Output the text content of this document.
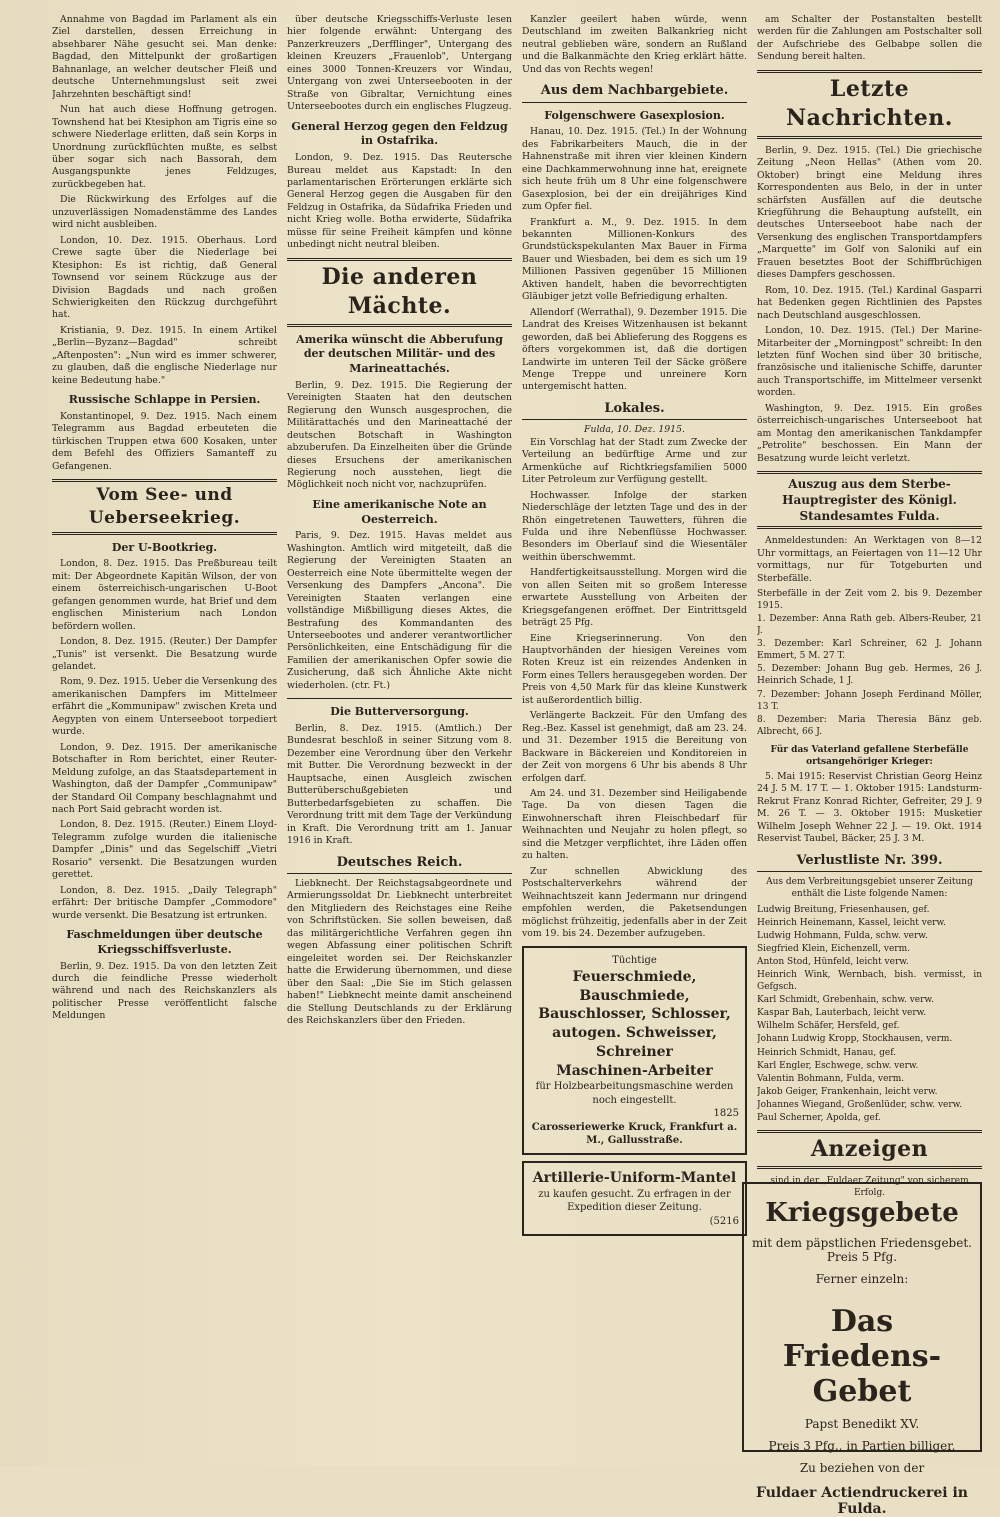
Annahme von Bagdad im Parlament als ein Ziel darstellen, dessen Erreichung in absehbarer Nähe gesucht sei. Man denke: Bagdad, den Mittelpunkt der großartigen Bahnanlage, an welcher deutscher Fleiß und deutsche Unternehmungslust seit zwei Jahrzehnten beschäftigt sind!

Nun hat auch diese Hoffnung getrogen. Townshend hat bei Ktesiphon am Tigris eine so schwere Niederlage erlitten, daß sein Korps in Unordnung zurückflüchten mußte, es selbst über sogar sich nach Bassorah, dem Ausgangspunkte jenes Feldzuges, zurückbegeben hat.

Die Rückwirkung des Erfolges auf die unzuverlässigen Nomadenstämme des Landes wird nicht ausbleiben.

London, 10. Dez. 1915. Oberhaus. Lord Crewe sagte über die Niederlage bei Ktesiphon: Es ist richtig, daß General Townsend vor seinem Rückzuge aus der Division Bagdads und nach großen Schwierigkeiten den Rückzug durchgeführt hat.

Kristiania, 9. Dez. 1915. In einem Artikel „Berlin—Byzanz—Bagdad" schreibt „Aftenposten": „Nun wird es immer schwerer, zu glauben, daß die englische Niederlage nur keine Bedeutung habe."

Russische Schlappe in Persien.

Konstantinopel, 9. Dez. 1915. Nach einem Telegramm aus Bagdad erbeuteten die türkischen Truppen etwa 600 Kosaken, unter dem Befehl des Offiziers Samanteff zu Gefangenen.

Vom See- und Ueberseekrieg.
Der U-Bootkrieg.

London, 8. Dez. 1915. Das Preßbureau teilt mit: Der Abgeordnete Kapitän Wilson, der von einem österreichisch-ungarischen U-Boot gefangen genommen wurde, hat Brief und dem englischen Ministerium nach London befördern wollen.

London, 8. Dez. 1915. (Reuter.) Der Dampfer „Tunis" ist versenkt. Die Besatzung wurde gelandet.

Rom, 9. Dez. 1915. Ueber die Versenkung des amerikanischen Dampfers im Mittelmeer erfährt die „Kommunipaw" zwischen Kreta und Aegypten von einem Unterseeboot torpediert wurde.

London, 9. Dez. 1915. Der amerikanische Botschafter in Rom berichtet, einer Reuter-Meldung zufolge, an das Staatsdepartement in Washington, daß der Dampfer „Communipaw" der Standard Oil Company beschlagnahmt und nach Port Said gebracht worden ist.

London, 8. Dez. 1915. (Reuter.) Einem Lloyd-Telegramm zufolge wurden die italienische Dampfer „Dinis" und das Segelschiff „Vietri Rosario" versenkt. Die Besatzungen wurden gerettet.

London, 8. Dez. 1915. „Daily Telegraph" erfährt: Der britische Dampfer „Commodore" wurde versenkt. Die Besatzung ist ertrunken.

Faschmeldungen über deutsche Kriegsschiffsverluste.

Berlin, 9. Dez. 1915. Da von den letzten Zeit durch die feindliche Presse wiederholt während und nach des Reichskanzlers als politischer Presse veröffentlicht falsche Meldungen

über deutsche Kriegsschiffs-Verluste lesen hier folgende erwähnt: Untergang des Panzerkreuzers „Derfflinger", Untergang des kleinen Kreuzers „Frauenlob", Untergang eines 3000 Tonnen-Kreuzers vor Windau, Untergang von zwei Unterseebooten in der Straße von Gibraltar, Vernichtung eines Unterseebootes durch ein englisches Flugzeug.

General Herzog gegen den Feldzug in Ostafrika.

London, 9. Dez. 1915. Das Reutersche Bureau meldet aus Kapstadt: In den parlamentarischen Erörterungen erklärte sich General Herzog gegen die Ausgaben für den Feldzug in Ostafrika, da Südafrika Frieden und nicht Krieg wolle. Botha erwiderte, Südafrika müsse für seine Freiheit kämpfen und könne unbedingt nicht neutral bleiben.

Die anderen Mächte.
Amerika wünscht die Abberufung der deutschen Militär- und des Marineattachés.

Berlin, 9. Dez. 1915. Die Regierung der Vereinigten Staaten hat den deutschen Regierung den Wunsch ausgesprochen, die Militärattachés und den Marineattaché der deutschen Botschaft in Washington abzuberufen. Da Einzelheiten über die Gründe dieses Ersuchens der amerikanischen Regierung noch ausstehen, liegt die Möglichkeit noch nicht vor, nachzuprüfen.

Eine amerikanische Note an Oesterreich.

Paris, 9. Dez. 1915. Havas meldet aus Washington. Amtlich wird mitgeteilt, daß die Regierung der Vereinigten Staaten an Oesterreich eine Note übermittelte wegen der Versenkung des Dampfers „Ancona". Die Vereinigten Staaten verlangen eine vollständige Mißbilligung dieses Aktes, die Bestrafung des Kommandanten des Unterseebootes und anderer verantwortlicher Persönlichkeiten, eine Entschädigung für die Familien der amerikanischen Opfer sowie die Zusicherung, daß sich Ähnliche Akte nicht wiederholen. (ctr. Ft.)

Die Butterversorgung.

Berlin, 8. Dez. 1915. (Amtlich.) Der Bundesrat beschloß in seiner Sitzung vom 8. Dezember eine Verordnung über den Verkehr mit Butter. Die Verordnung bezweckt in der Hauptsache, einen Ausgleich zwischen Butterüberschußgebieten und Butterbedarfsgebieten zu schaffen. Die Verordnung tritt mit dem Tage der Verkündung in Kraft. Die Verordnung tritt am 1. Januar 1916 in Kraft.

Deutsches Reich.

Liebknecht. Der Reichstagsabgeordnete und Armierungssoldat Dr. Liebknecht unterbreitet den Mitgliedern des Reichstages eine Reihe von Schriftstücken. Sie sollen beweisen, daß das militärgerichtliche Verfahren gegen ihn wegen Abfassung einer politischen Schrift eingeleitet worden sei. Der Reichskanzler hatte die Erwiderung übernommen, und diese über den Saal: „Die Sie im Stich gelassen haben!" Liebknecht meinte damit anscheinend die Stellung Deutschlands zu der Erklärung des Reichskanzlers über den Frieden.

Kanzler geeilert haben würde, wenn Deutschland im zweiten Balkankrieg nicht neutral geblieben wäre, sondern an Rußland und die Balkanmächte den Krieg erklärt hätte. Und das von Rechts wegen!

Aus dem Nachbargebiete.
Folgenschwere Gasexplosion.

Hanau, 10. Dez. 1915. (Tel.) In der Wohnung des Fabrikarbeiters Mauch, die in der Hahnenstraße mit ihren vier kleinen Kindern eine Dachkammerwohnung inne hat, ereignete sich heute früh um 8 Uhr eine folgenschwere Gasexplosion, bei der ein dreijähriges Kind zum Opfer fiel.

Frankfurt a. M., 9. Dez. 1915. In dem bekannten Millionen-Konkurs des Grundstückspekulanten Max Bauer in Firma Bauer und Wiesbaden, bei dem es sich um 19 Millionen Passiven gegenüber 15 Millionen Aktiven handelt, haben die bevorrechtigten Gläubiger jetzt volle Befriedigung erhalten.

Allendorf (Werrathal), 9. Dezember 1915. Die Landrat des Kreises Witzenhausen ist bekannt geworden, daß bei Ablieferung des Roggens es öfters vorgekommen ist, daß die dortigen Landwirte im unteren Teil der Säcke größere Menge Treppe und unreinere Korn untergemischt hatten.

Lokales.
Fulda, 10. Dez. 1915.

Ein Vorschlag hat der Stadt zum Zwecke der Verteilung an bedürftige Arme und zur Armenküche auf Richtkriegsfamilien 5000 Liter Petroleum zur Verfügung gestellt.

Hochwasser. Infolge der starken Niederschläge der letzten Tage und des in der Rhön eingetretenen Tauwetters, führen die Fulda und ihre Nebenflüsse Hochwasser. Besonders im Oberlauf sind die Wiesentäler weithin überschwemmt.

Handfertigkeitsausstellung. Morgen wird die von allen Seiten mit so großem Interesse erwartete Ausstellung von Arbeiten der Kriegsgefangenen eröffnet. Der Eintrittsgeld beträgt 25 Pfg.

Eine Kriegserinnerung. Von den Hauptvorhänden der hiesigen Vereines vom Roten Kreuz ist ein reizendes Andenken in Form eines Tellers herausgegeben worden. Der Preis von 4,50 Mark für das kleine Kunstwerk ist außerordentlich billig.

Verlängerte Backzeit. Für den Umfang des Reg.-Bez. Kassel ist genehmigt, daß am 23. 24. und 31. Dezember 1915 die Bereitung von Backware in Bäckereien und Konditoreien in der Zeit von morgens 6 Uhr bis abends 8 Uhr erfolgen darf.

Am 24. und 31. Dezember sind Heiligabende Tage. Da von diesen Tagen die Einwohnerschaft ihren Fleischbedarf für Weihnachten und Neujahr zu holen pflegt, so sind die Metzger verpflichtet, ihre Läden offen zu halten.

Zur schnellen Abwicklung des Postschalterverkehrs während der Weihnachtszeit kann Jedermann nur dringend empfohlen werden, die Paketsendungen möglichst frühzeitig, jedenfalls aber in der Zeit vom 19. bis 24. Dezember aufzugeben.

Tüchtige
Feuerschmiede, Bauschmiede, Bauschlosser, Schlosser, autogen. Schweisser, Schreiner
Maschinen-Arbeiter
für Holzbearbeitungsmaschine werden noch eingestellt.
1825
Carosseriewerke Kruck, Frankfurt a. M., Gallusstraße.
Artillerie-Uniform-Mantel
zu kaufen gesucht. Zu erfragen in der Expedition dieser Zeitung.
(5216

am Schalter der Postanstalten bestellt werden für die Zahlungen am Postschalter soll der Aufschriebe des Gelbabpe sollen die Sendung bereit halten.

Letzte Nachrichten.

Berlin, 9. Dez. 1915. (Tel.) Die griechische Zeitung „Neon Hellas" (Athen vom 20. Oktober) bringt eine Meldung ihres Korrespondenten aus Belo, in der in unter schärfsten Ausfällen auf die deutsche Kriegführung die Behauptung aufstellt, ein deutsches Unterseeboot habe nach der Versenkung des englischen Transportdampfers „Marquette" im Golf von Saloniki auf ein Frauen besetztes Boot der Schiffbrüchigen dieses Dampfers geschossen.

Rom, 10. Dez. 1915. (Tel.) Kardinal Gasparri hat Bedenken gegen Richtlinien des Papstes nach Deutschland ausgeschlossen.

London, 10. Dez. 1915. (Tel.) Der Marine-Mitarbeiter der „Morningpost" schreibt: In den letzten fünf Wochen sind über 30 britische, französische und italienische Schiffe, darunter auch Transportschiffe, im Mittelmeer versenkt worden.

Washington, 9. Dez. 1915. Ein großes österreichisch-ungarisches Unterseeboot hat am Montag den amerikanischen Tankdampfer „Petrolite" beschossen. Ein Mann der Besatzung wurde leicht verletzt.

Auszug aus dem Sterbe-Hauptregister des Königl. Standesamtes Fulda.

Anmeldestunden: An Werktagen von 8—12 Uhr vormittags, an Feiertagen von 11—12 Uhr vormittags, nur für Totgeburten und Sterbefälle.

Sterbefälle in der Zeit vom 2. bis 9. Dezember 1915.
1. Dezember: Anna Rath geb. Albers-Reuber, 21 J.
3. Dezember: Karl Schreiner, 62 J. Johann Emmert, 5 M. 27 T.
5. Dezember: Johann Bug geb. Hermes, 26 J. Heinrich Schade, 1 J.
7. Dezember: Johann Joseph Ferdinand Möller, 13 T.
8. Dezember: Maria Theresia Bänz geb. Albrecht, 66 J.
Für das Vaterland gefallene Sterbefälle ortsangehöriger Krieger:

5. Mai 1915: Reservist Christian Georg Heinz 24 J. 5 M. 17 T. — 1. Oktober 1915: Landsturm-Rekrut Franz Konrad Richter, Gefreiter, 29 J. 9 M. 26 T. — 3. Oktober 1915: Musketier Wilhelm Joseph Wehner 22 J. — 19. Okt. 1914 Reservist Taubel, Bäcker, 25 J. 3 M.

Verlustliste Nr. 399.
Aus dem Verbreitungsgebiet unserer Zeitung enthält die Liste folgende Namen:
Ludwig Breitung, Friesenhausen, gef.
Heinrich Heinemann, Kassel, leicht verw.
Ludwig Hohmann, Fulda, schw. verw.
Siegfried Klein, Eichenzell, verm.
Anton Stod, Hünfeld, leicht verw.
Heinrich Wink, Wernbach, bish. vermisst, in Gefgsch.
Karl Schmidt, Grebenhain, schw. verw.
Kaspar Bah, Lauterbach, leicht verw.
Wilhelm Schäfer, Hersfeld, gef.
Johann Ludwig Kropp, Stockhausen, verm.
Heinrich Schmidt, Hanau, gef.
Karl Engler, Eschwege, schw. verw.
Valentin Bohmann, Fulda, verm.
Jakob Geiger, Frankenhain, leicht verw.
Johannes Wiegand, Großenlüder, schw. verw.
Paul Scherner, Apolda, gef.
Anzeigen
sind in der „Fuldaer Zeitung" von sicherem Erfolg.
Kriegsgebete
mit dem päpstlichen Friedensgebet. Preis 5 Pfg.
Ferner einzeln:
Das Friedens-Gebet
Papst Benedikt XV.
Preis 3 Pfg., in Partien billiger.
Zu beziehen von der
Fuldaer Actiendruckerei in Fulda.
